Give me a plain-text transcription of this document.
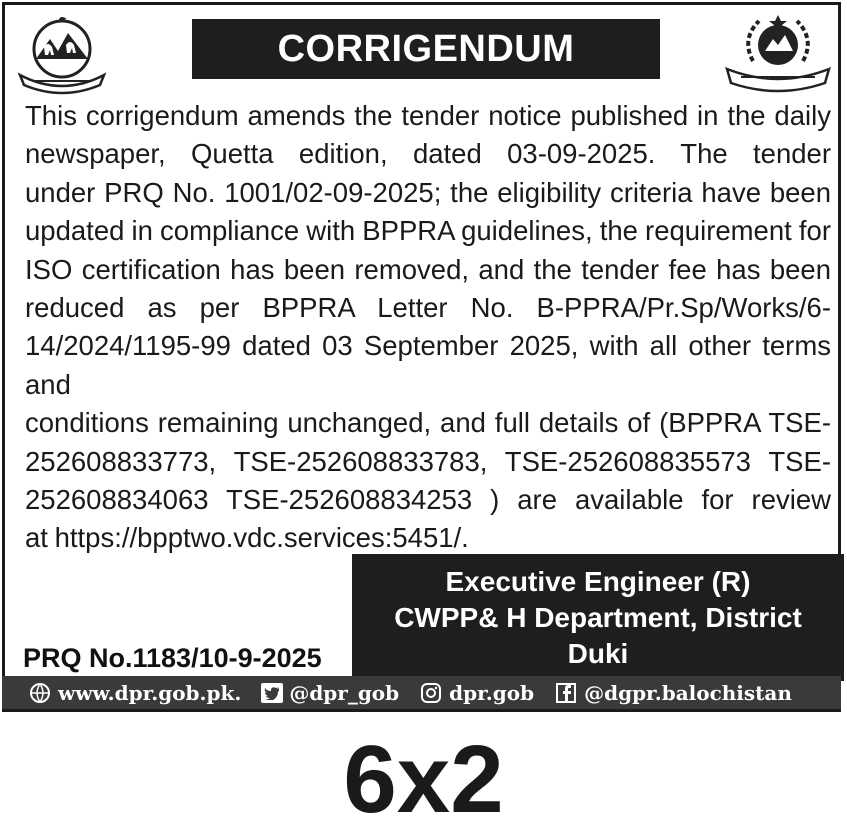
CORRIGENDUM
This corrigendum amends the tender notice published in the daily
newspaper, Quetta edition, dated 03-09-2025. The tender
under PRQ No. 1001/02-09-2025; the eligibility criteria have been
updated in compliance with BPPRA guidelines, the requirement for
ISO certification has been removed, and the tender fee has been
reduced as per BPPRA Letter No. B-PPRA/Pr.Sp/Works/6-
14/2024/1195-99 dated 03 September 2025, with all other terms and
conditions remaining unchanged, and full details of (BPPRA TSE-
252608833773, TSE-252608833783, TSE-252608835573 TSE-
252608834063 TSE-252608834253 ) are available for review
at https://bpptwo.vdc.services:5451/.
Executive Engineer (R)
CWPP& H Department, District
Duki
PRQ No.1183/10-9-2025
www.dpr.gob.pk. @dpr_gob	dpr.gob	@dgpr.balochistan
6x2
